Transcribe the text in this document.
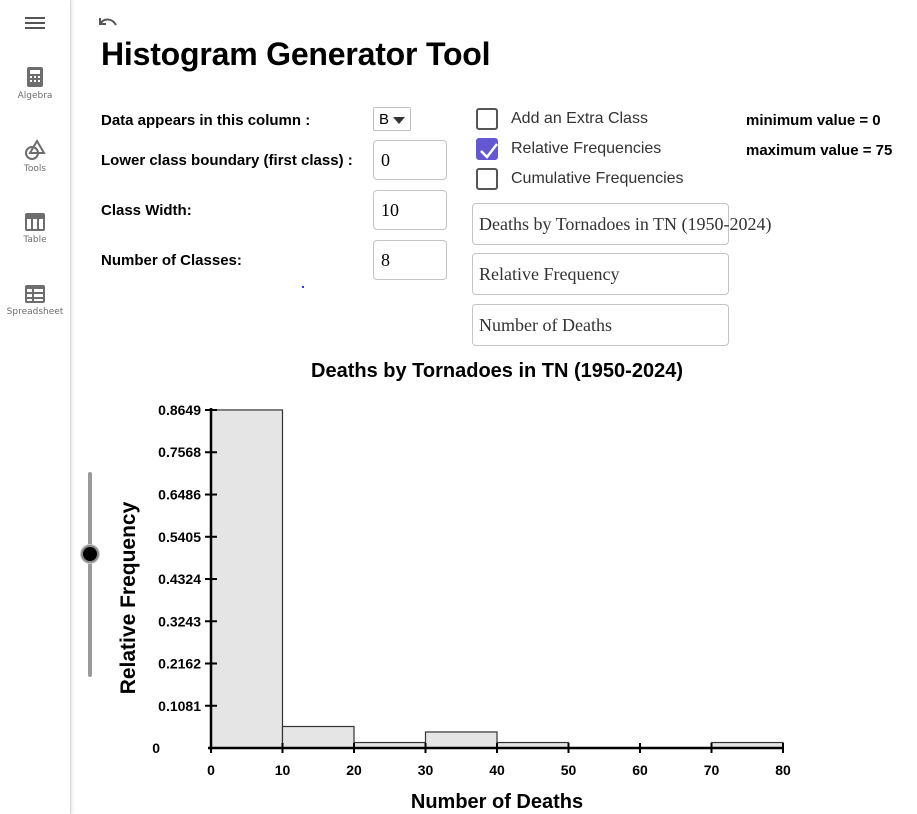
Algebra
Tools
Table
Spreadsheet
Histogram Generator Tool
Data appears in this column :	B
Lower class boundary (first class) :	0
Class Width:	10
Number of Classes:	8
Add an Extra Class
Relative Frequencies
Cumulative Frequencies
Deaths by Tornadoes in TN (1950-2024)
Relative Frequency
Number of Deaths
minimum value = 0
maximum value = 75
Deaths by Tornadoes in TN (1950-2024)
Relative Frequency
Number of Deaths
0	10	20	30	40	50	60	70	80
0
0.1081
0.2162
0.3243
0.4324
0.5405
0.6486
0.7568
0.8649
